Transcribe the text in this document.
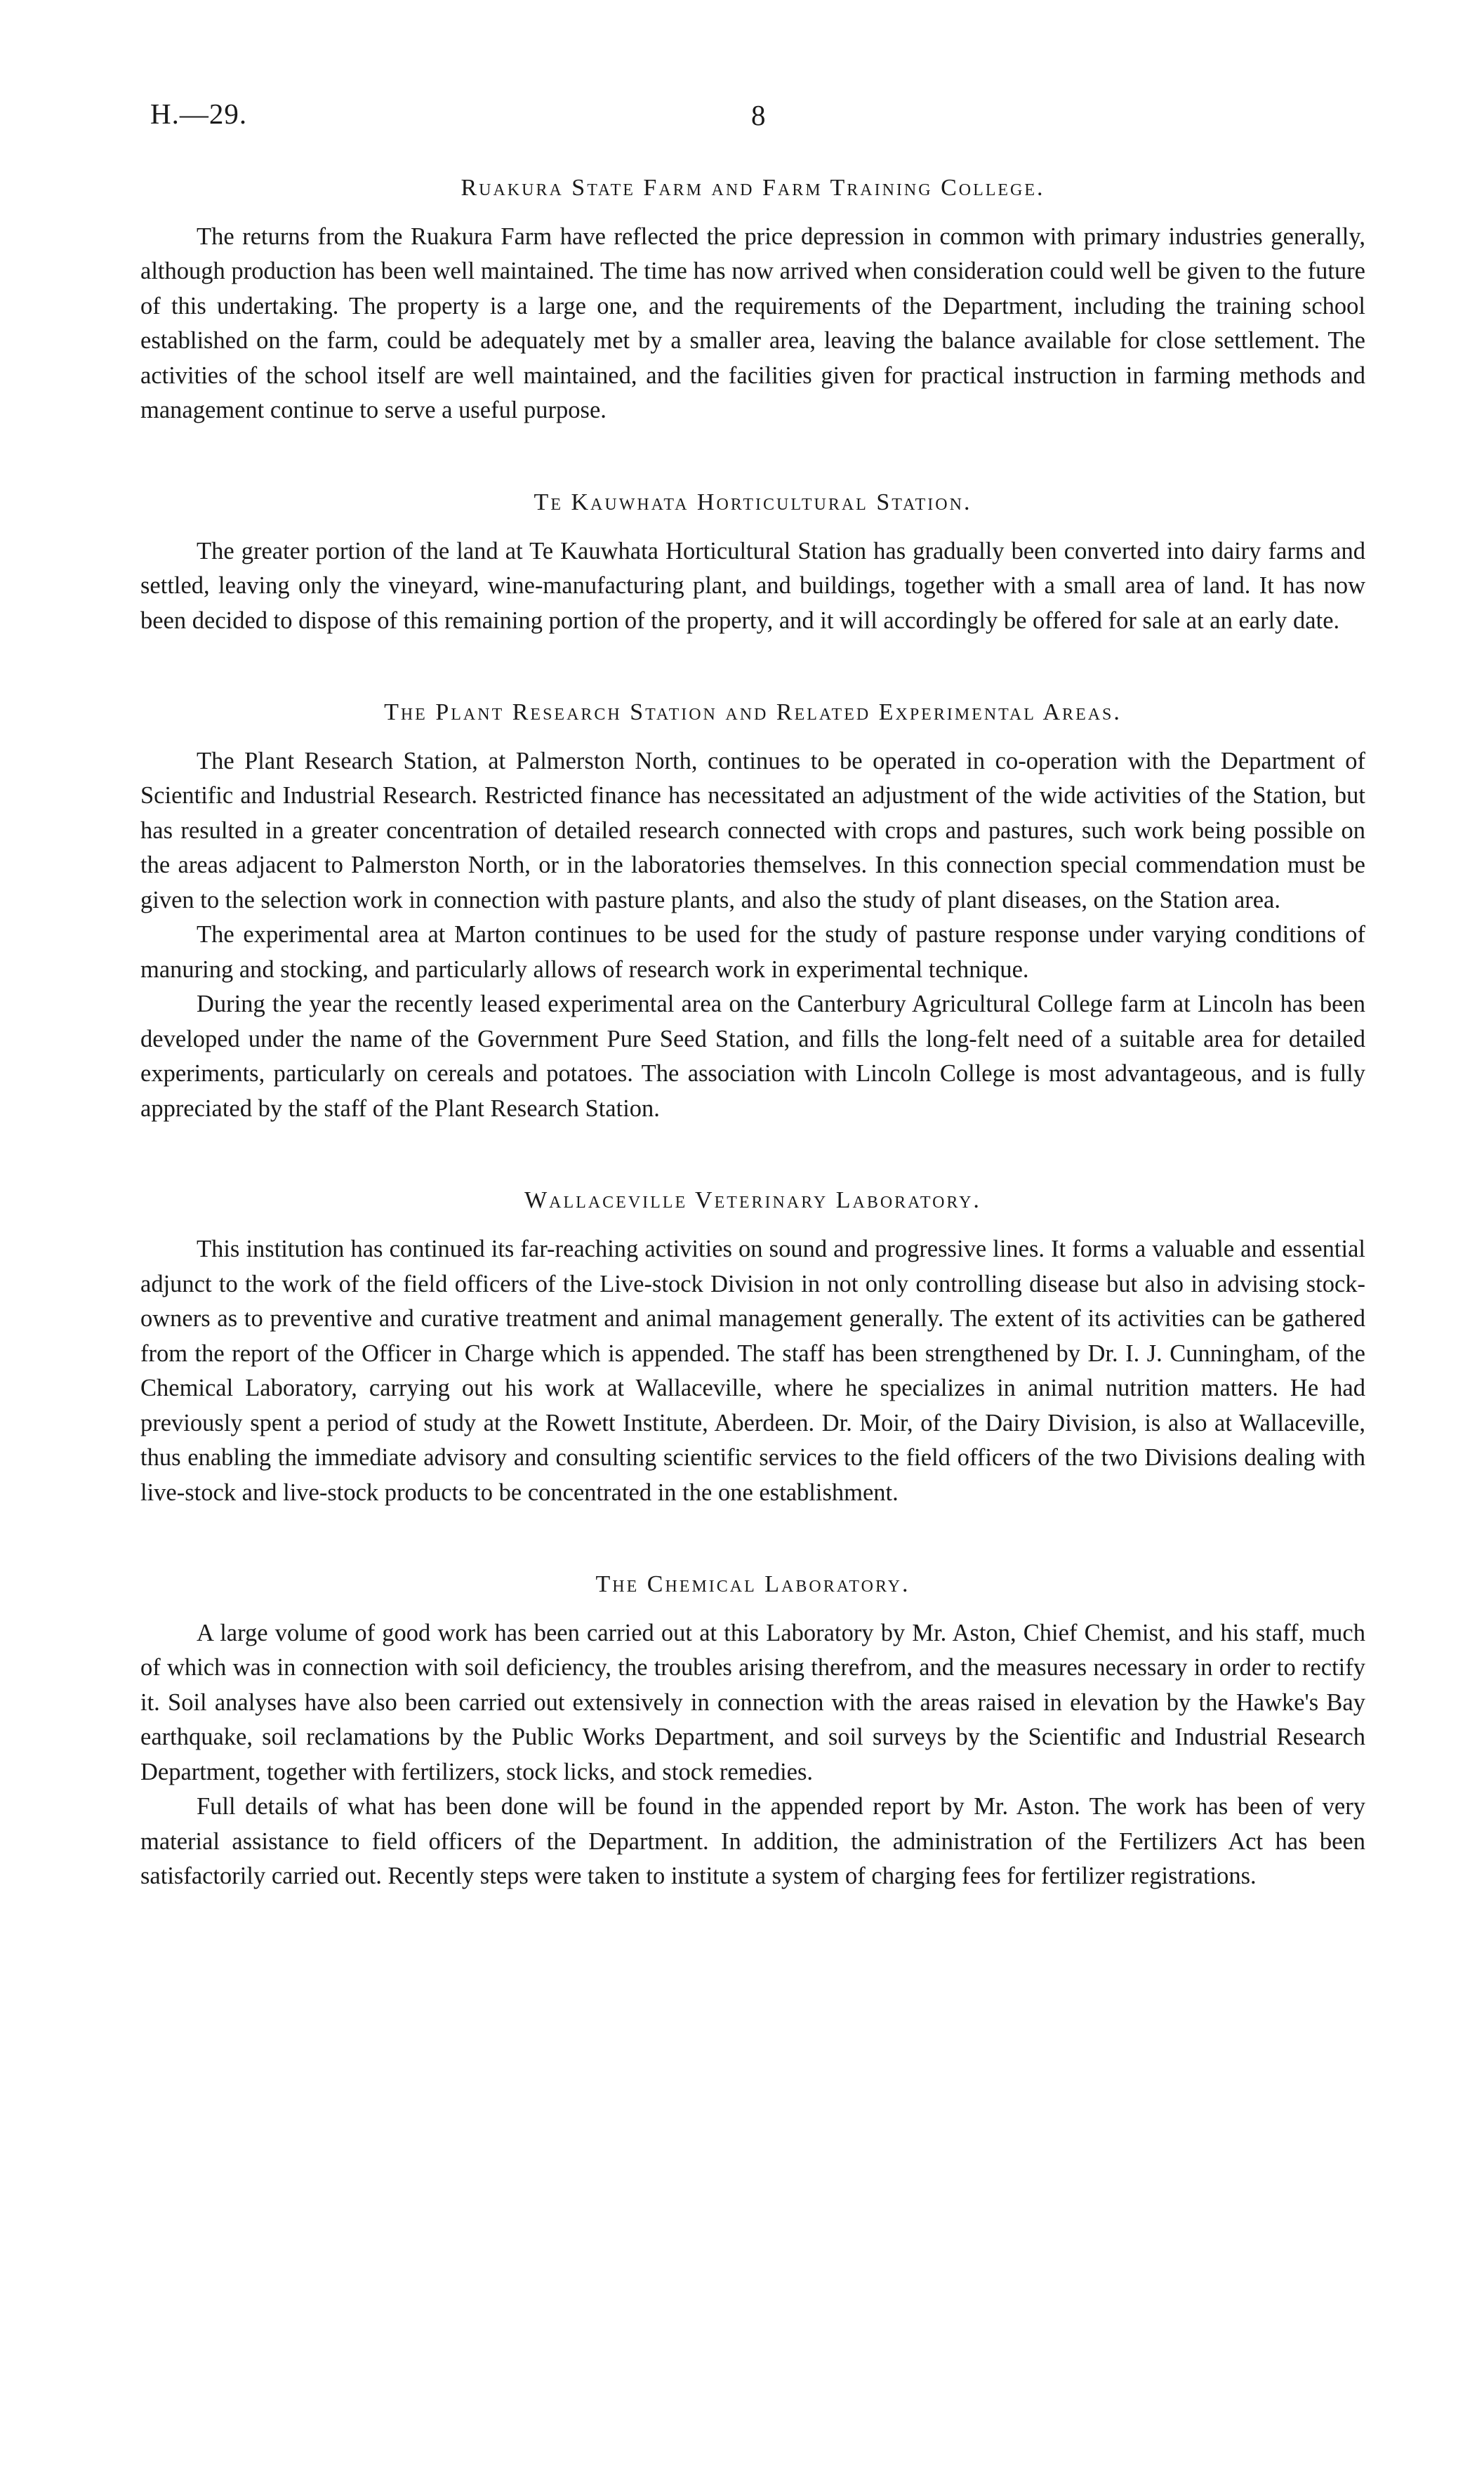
H.—29.	8
Ruakura State Farm and Farm Training College.

The returns from the Ruakura Farm have reflected the price depression in common with primary industries generally, although production has been well maintained. The time has now arrived when consideration could well be given to the future of this undertaking. The property is a large one, and the requirements of the Department, including the training school established on the farm, could be adequately met by a smaller area, leaving the balance available for close settlement. The activities of the school itself are well maintained, and the facilities given for practical instruction in farming methods and management continue to serve a useful purpose.

Te Kauwhata Horticultural Station.

The greater portion of the land at Te Kauwhata Horticultural Station has gradually been converted into dairy farms and settled, leaving only the vineyard, wine-manufacturing plant, and buildings, together with a small area of land. It has now been decided to dispose of this remaining portion of the property, and it will accordingly be offered for sale at an early date.

The Plant Research Station and Related Experimental Areas.

The Plant Research Station, at Palmerston North, continues to be operated in co-operation with the Department of Scientific and Industrial Research. Restricted finance has necessitated an adjustment of the wide activities of the Station, but has resulted in a greater concentration of detailed research connected with crops and pastures, such work being possible on the areas adjacent to Palmerston North, or in the laboratories themselves. In this connection special commendation must be given to the selection work in connection with pasture plants, and also the study of plant diseases, on the Station area.

The experimental area at Marton continues to be used for the study of pasture response under varying conditions of manuring and stocking, and particularly allows of research work in experimental technique.

During the year the recently leased experimental area on the Canterbury Agricultural College farm at Lincoln has been developed under the name of the Government Pure Seed Station, and fills the long-felt need of a suitable area for detailed experiments, particularly on cereals and potatoes. The association with Lincoln College is most advantageous, and is fully appreciated by the staff of the Plant Research Station.

Wallaceville Veterinary Laboratory.

This institution has continued its far-reaching activities on sound and progressive lines. It forms a valuable and essential adjunct to the work of the field officers of the Live-stock Division in not only controlling disease but also in advising stock-owners as to preventive and curative treatment and animal management generally. The extent of its activities can be gathered from the report of the Officer in Charge which is appended. The staff has been strengthened by Dr. I. J. Cunningham, of the Chemical Laboratory, carrying out his work at Wallaceville, where he specializes in animal nutrition matters. He had previously spent a period of study at the Rowett Institute, Aberdeen. Dr. Moir, of the Dairy Division, is also at Wallaceville, thus enabling the immediate advisory and consulting scientific services to the field officers of the two Divisions dealing with live-stock and live-stock products to be concentrated in the one establishment.

The Chemical Laboratory.

A large volume of good work has been carried out at this Laboratory by Mr. Aston, Chief Chemist, and his staff, much of which was in connection with soil deficiency, the troubles arising therefrom, and the measures necessary in order to rectify it. Soil analyses have also been carried out extensively in connection with the areas raised in elevation by the Hawke's Bay earthquake, soil reclamations by the Public Works Department, and soil surveys by the Scientific and Industrial Research Department, together with fertilizers, stock licks, and stock remedies.

Full details of what has been done will be found in the appended report by Mr. Aston. The work has been of very material assistance to field officers of the Department. In addition, the administration of the Fertilizers Act has been satisfactorily carried out. Recently steps were taken to institute a system of charging fees for fertilizer registrations.
